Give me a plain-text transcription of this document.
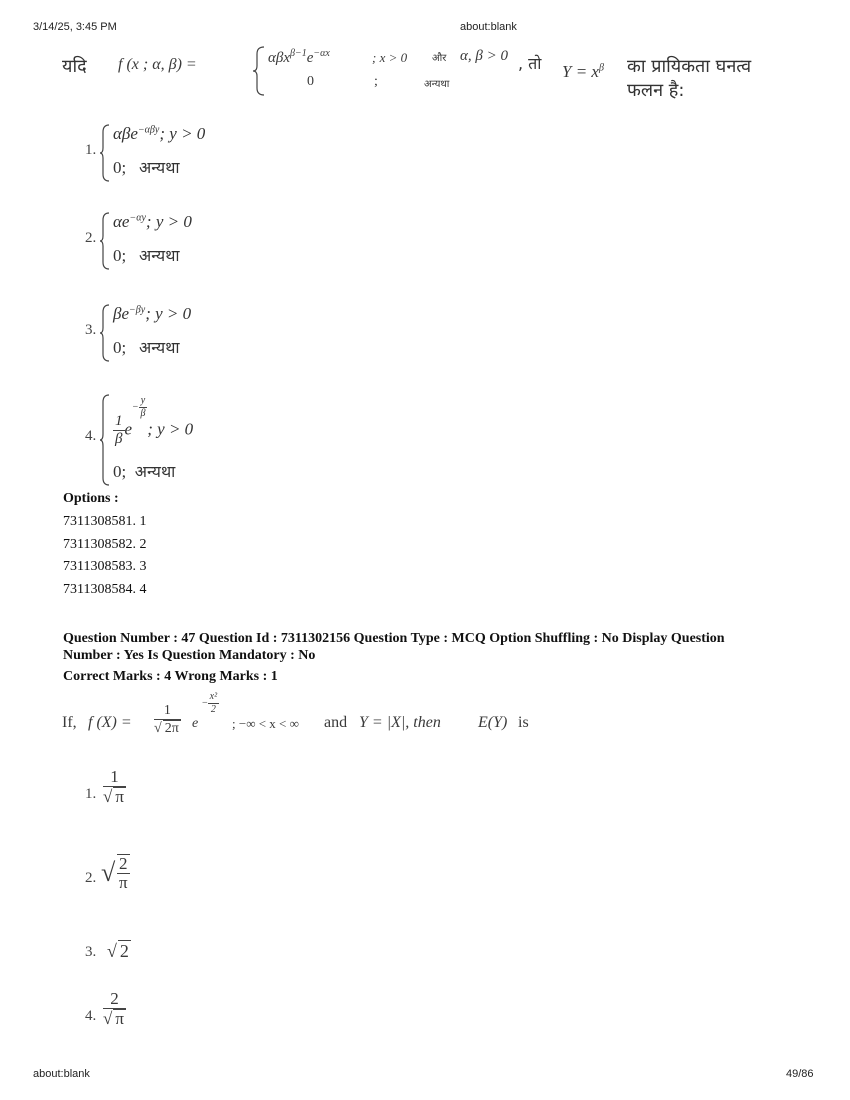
3/14/25, 3:45 PM	about:blank
यदि f (x ; α, β) =	$\alpha\beta x^{\beta-1}e^{-\alpha x}$	; x > 0 और α, β > 0
0	;	अन्यथा
, तो $Y = x^\beta$ का प्रायिकता घनत्व फलन है:
1.
αβe$^{-\alpha\beta y}$; y > 0
0; अन्यथा
2.
$\alpha e^{-\alpha y}$; y > 0
0; अन्यथा
3.
$\beta e^{-\beta y}$; y > 0
0; अन्यथा
4. $\frac{1}{\beta} e- \frac{y}{\beta}$
; y > 0
0; अन्यथा
Options :
7311308581. 1
7311308582. 2
7311308583. 3
7311308584. 4
Question Number : 47 Question Id : 7311302156 Question Type : MCQ Option Shuffling : No Display Question
Number : Yes Is Question Mandatory : No
Correct Marks : 4 Wrong Marks : 1
If, f $(X) = \frac{1}{√ 2\pi}$ e
− $\frac{\text{x²}}{2}$
; −∞ < x < ∞ and Y = |X|, then E(Y) is
1. $\frac{1}{√ \pi}$
2. √ $\frac{2}{\pi}$
3. √ 2
4. $\frac{2}{√ \pi}$
about:blank	49/86
